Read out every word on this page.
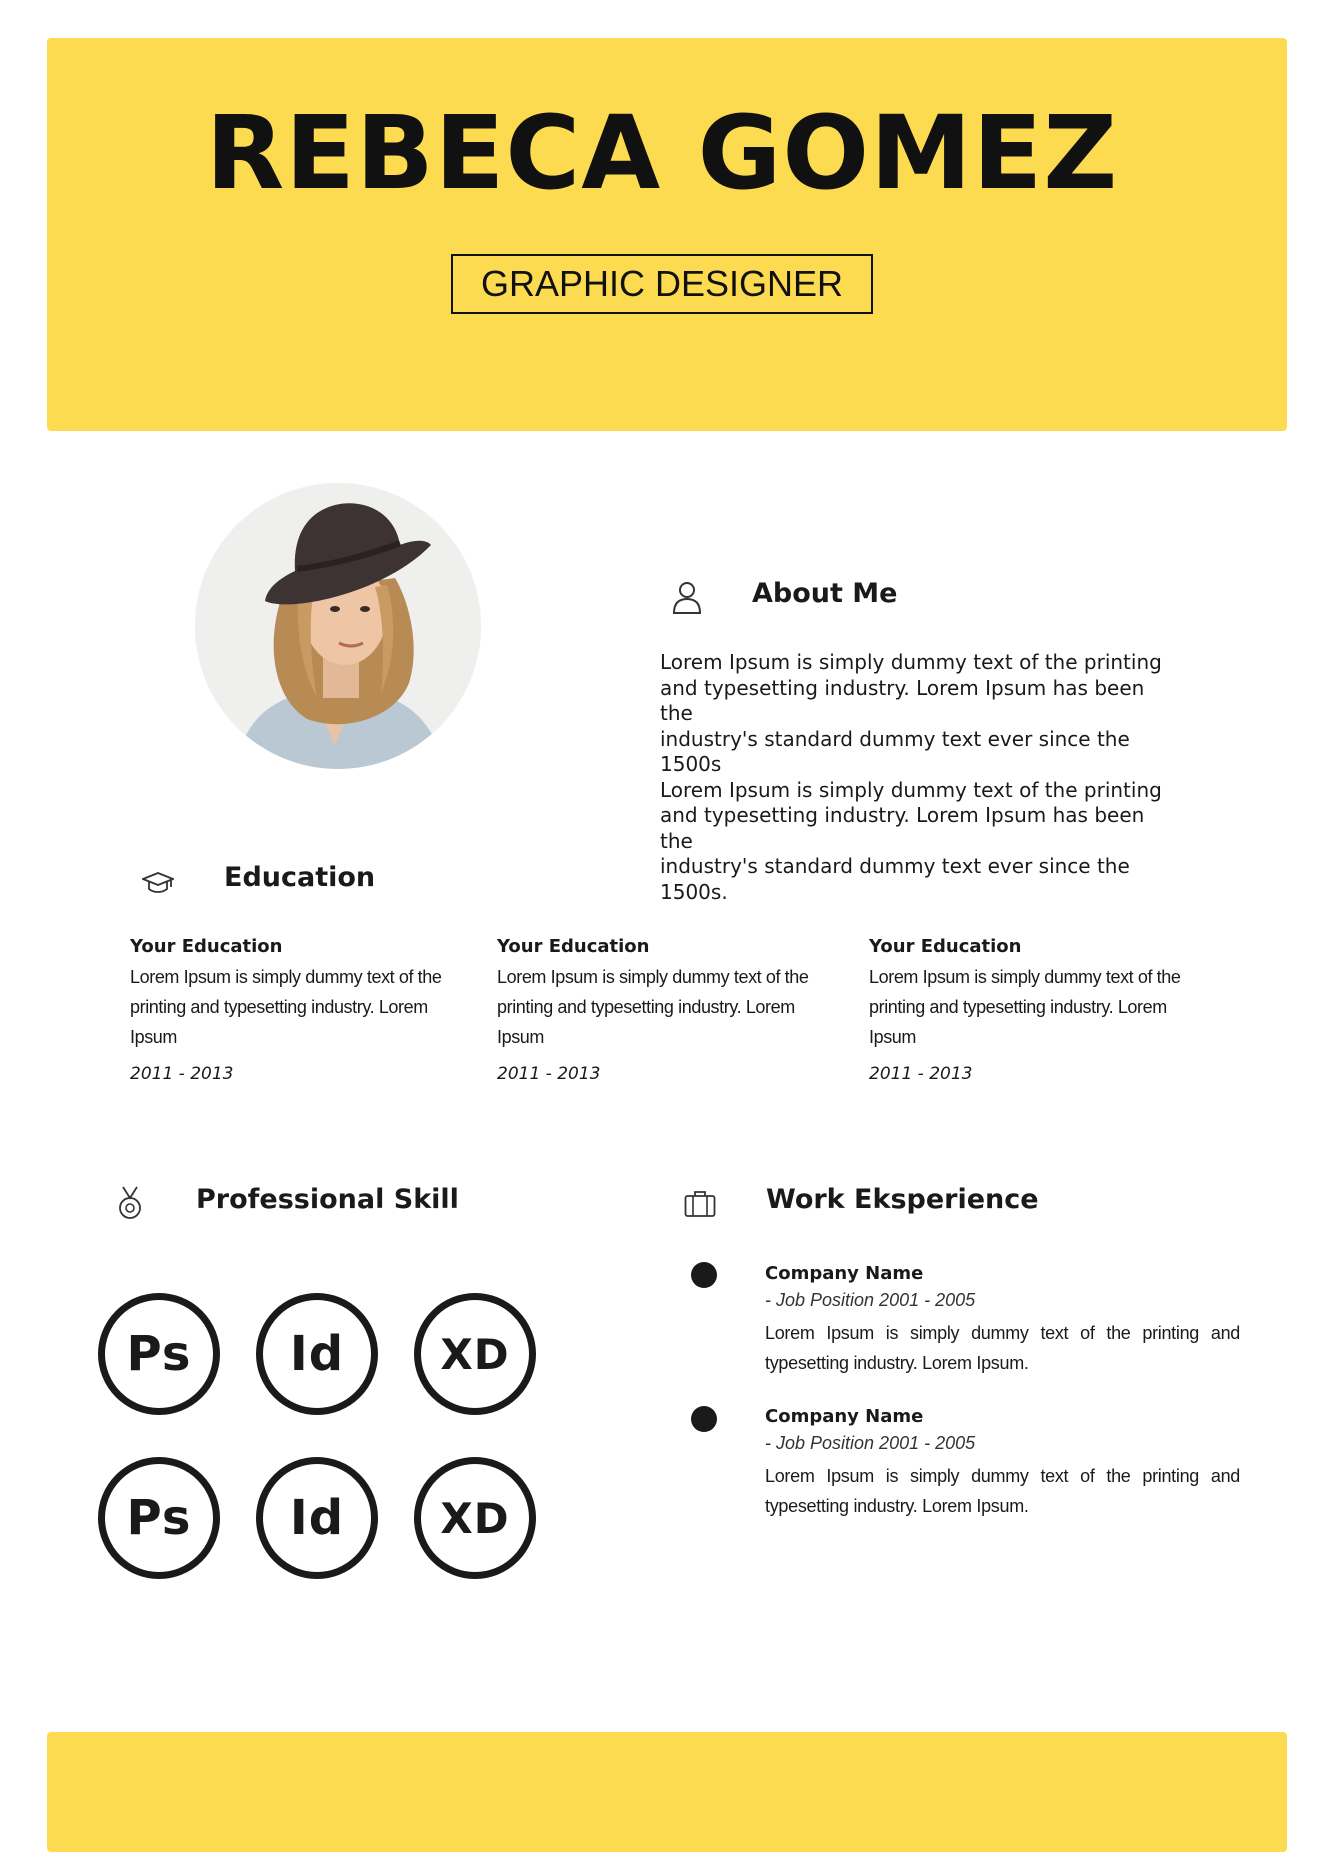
REBECA GOMEZ
GRAPHIC DESIGNER
About Me
Lorem Ipsum is simply dummy text of the printing
and typesetting industry. Lorem Ipsum has been the
industry's standard dummy text ever since the 1500s
Lorem Ipsum is simply dummy text of the printing
and typesetting industry. Lorem Ipsum has been the
industry's standard dummy text ever since the 1500s.
Education
Your Education
Lorem Ipsum is simply dummy text of the printing and typesetting industry. Lorem Ipsum
2011 - 2013
Your Education
Lorem Ipsum is simply dummy text of the printing and typesetting industry. Lorem Ipsum
2011 - 2013
Your Education
Lorem Ipsum is simply dummy text of the printing and typesetting industry. Lorem Ipsum
2011 - 2013
Professional Skill
Ps	Id	XD
Ps	Id	XD
Work Eksperience
Company Name
- Job Position 2001 - 2005
Lorem Ipsum is simply dummy text of the printing and typesetting industry. Lorem Ipsum.
Company Name
- Job Position 2001 - 2005
Lorem Ipsum is simply dummy text of the printing and typesetting industry. Lorem Ipsum.
